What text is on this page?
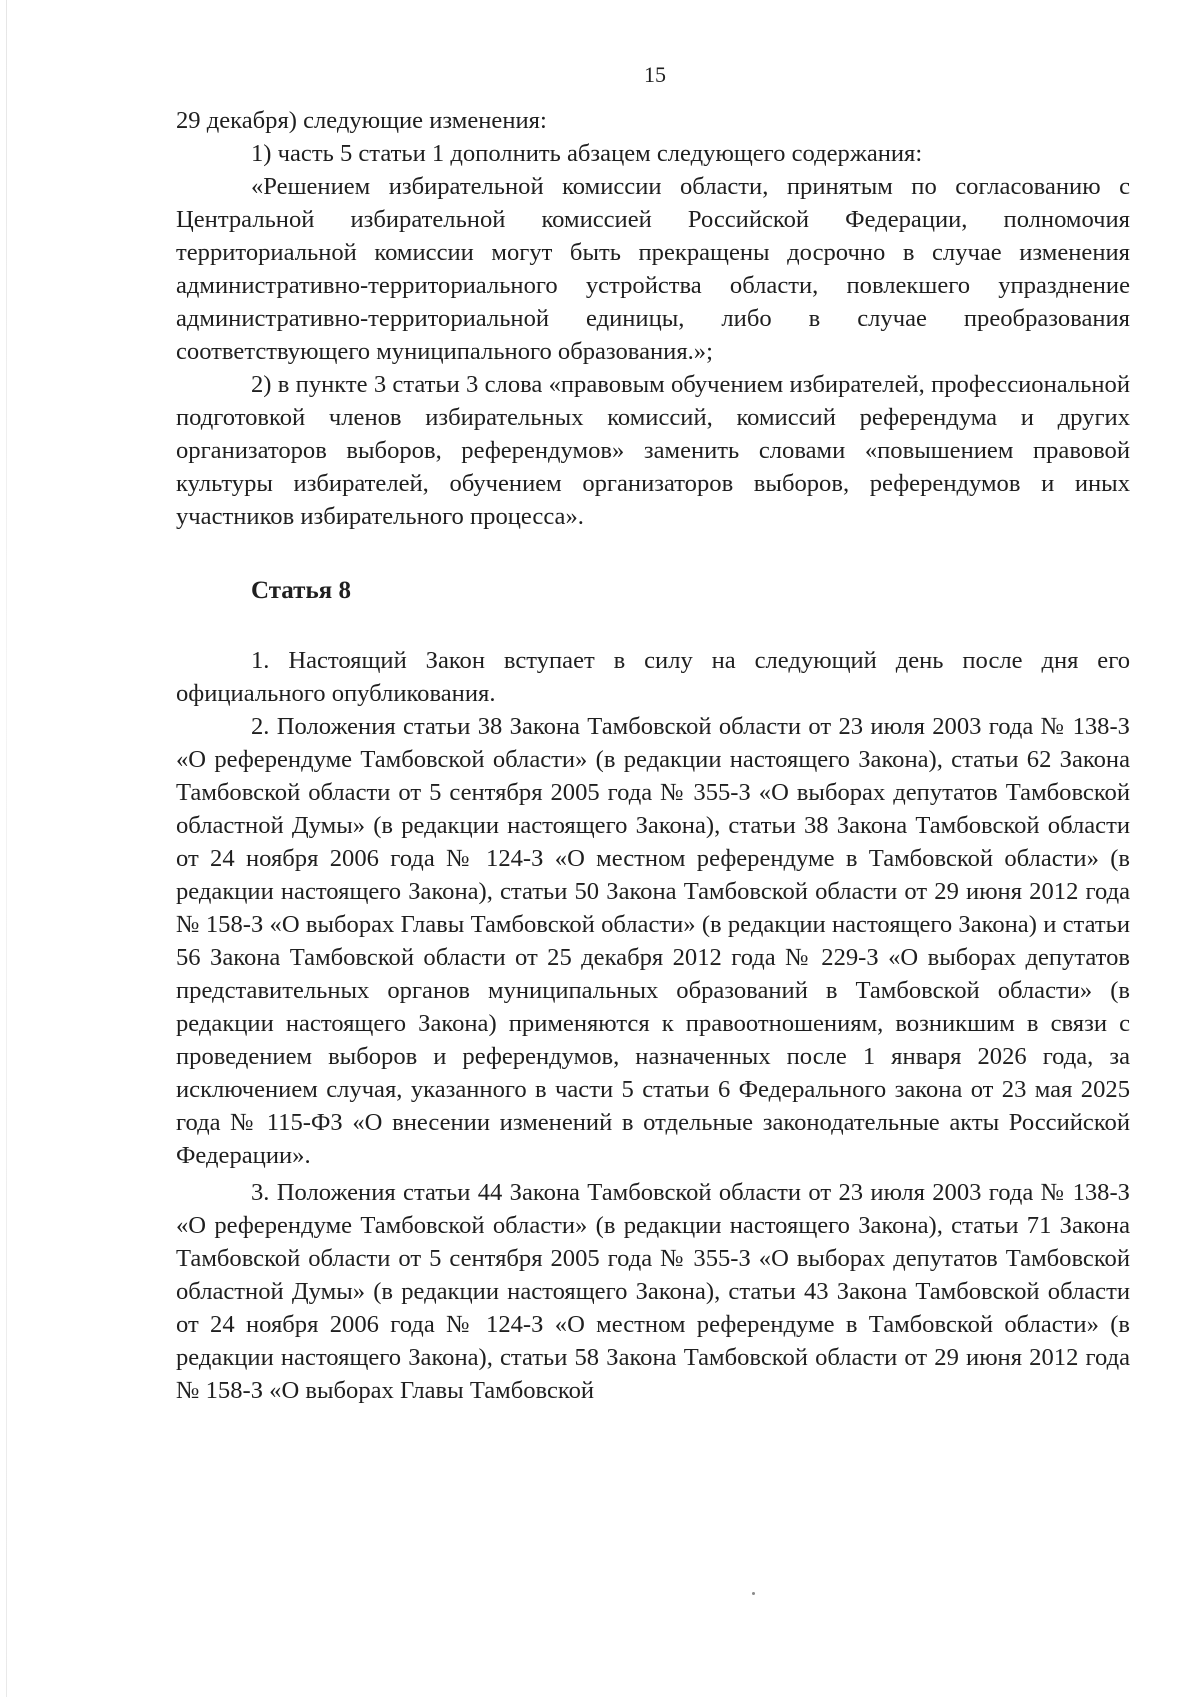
15

29 декабря) следующие изменения:

1) часть 5 статьи 1 дополнить абзацем следующего содержания:

«Решением избирательной комиссии области, принятым по согласованию с Центральной избирательной комиссией Российской Федерации, полномочия территориальной комиссии могут быть прекращены досрочно в случае изменения административно-территориального устройства области, повлекшего упразднение административно-территориальной единицы, либо в случае преобразования соответствующего муниципального образования.»;

2) в пункте 3 статьи 3 слова «правовым обучением избирателей, профессиональной подготовкой членов избирательных комиссий, комиссий референдума и других организаторов выборов, референдумов» заменить словами «повышением правовой культуры избирателей, обучением организаторов выборов, референдумов и иных участников избирательного процесса».

Статья 8

1. Настоящий Закон вступает в силу на следующий день после дня его официального опубликования.

2. Положения статьи 38 Закона Тамбовской области от 23 июля 2003 года № 138-З «О референдуме Тамбовской области» (в редакции настоящего Закона), статьи 62 Закона Тамбовской области от 5 сентября 2005 года № 355-З «О выборах депутатов Тамбовской областной Думы» (в редакции настоящего Закона), статьи 38 Закона Тамбовской области от 24 ноября 2006 года № 124-З «О местном референдуме в Тамбовской области» (в редакции настоящего Закона), статьи 50 Закона Тамбовской области от 29 июня 2012 года № 158-З «О выборах Главы Тамбовской области» (в редакции настоящего Закона) и статьи 56 Закона Тамбовской области от 25 декабря 2012 года № 229-З «О выборах депутатов представительных органов муниципальных образований в Тамбовской области» (в редакции настоящего Закона) применяются к правоотношениям, возникшим в связи с проведением выборов и референдумов, назначенных после 1 января 2026 года, за исключением случая, указанного в части 5 статьи 6 Федерального закона от 23 мая 2025 года № 115-ФЗ «О внесении изменений в отдельные законодательные акты Российской Федерации».

3. Положения статьи 44 Закона Тамбовской области от 23 июля 2003 года № 138-З «О референдуме Тамбовской области» (в редакции настоящего Закона), статьи 71 Закона Тамбовской области от 5 сентября 2005 года № 355-З «О выборах депутатов Тамбовской областной Думы» (в редакции настоящего Закона), статьи 43 Закона Тамбовской области от 24 ноября 2006 года № 124-З «О местном референдуме в Тамбовской области» (в редакции настоящего Закона), статьи 58 Закона Тамбовской области от 29 июня 2012 года № 158-З «О выборах Главы Тамбовской
